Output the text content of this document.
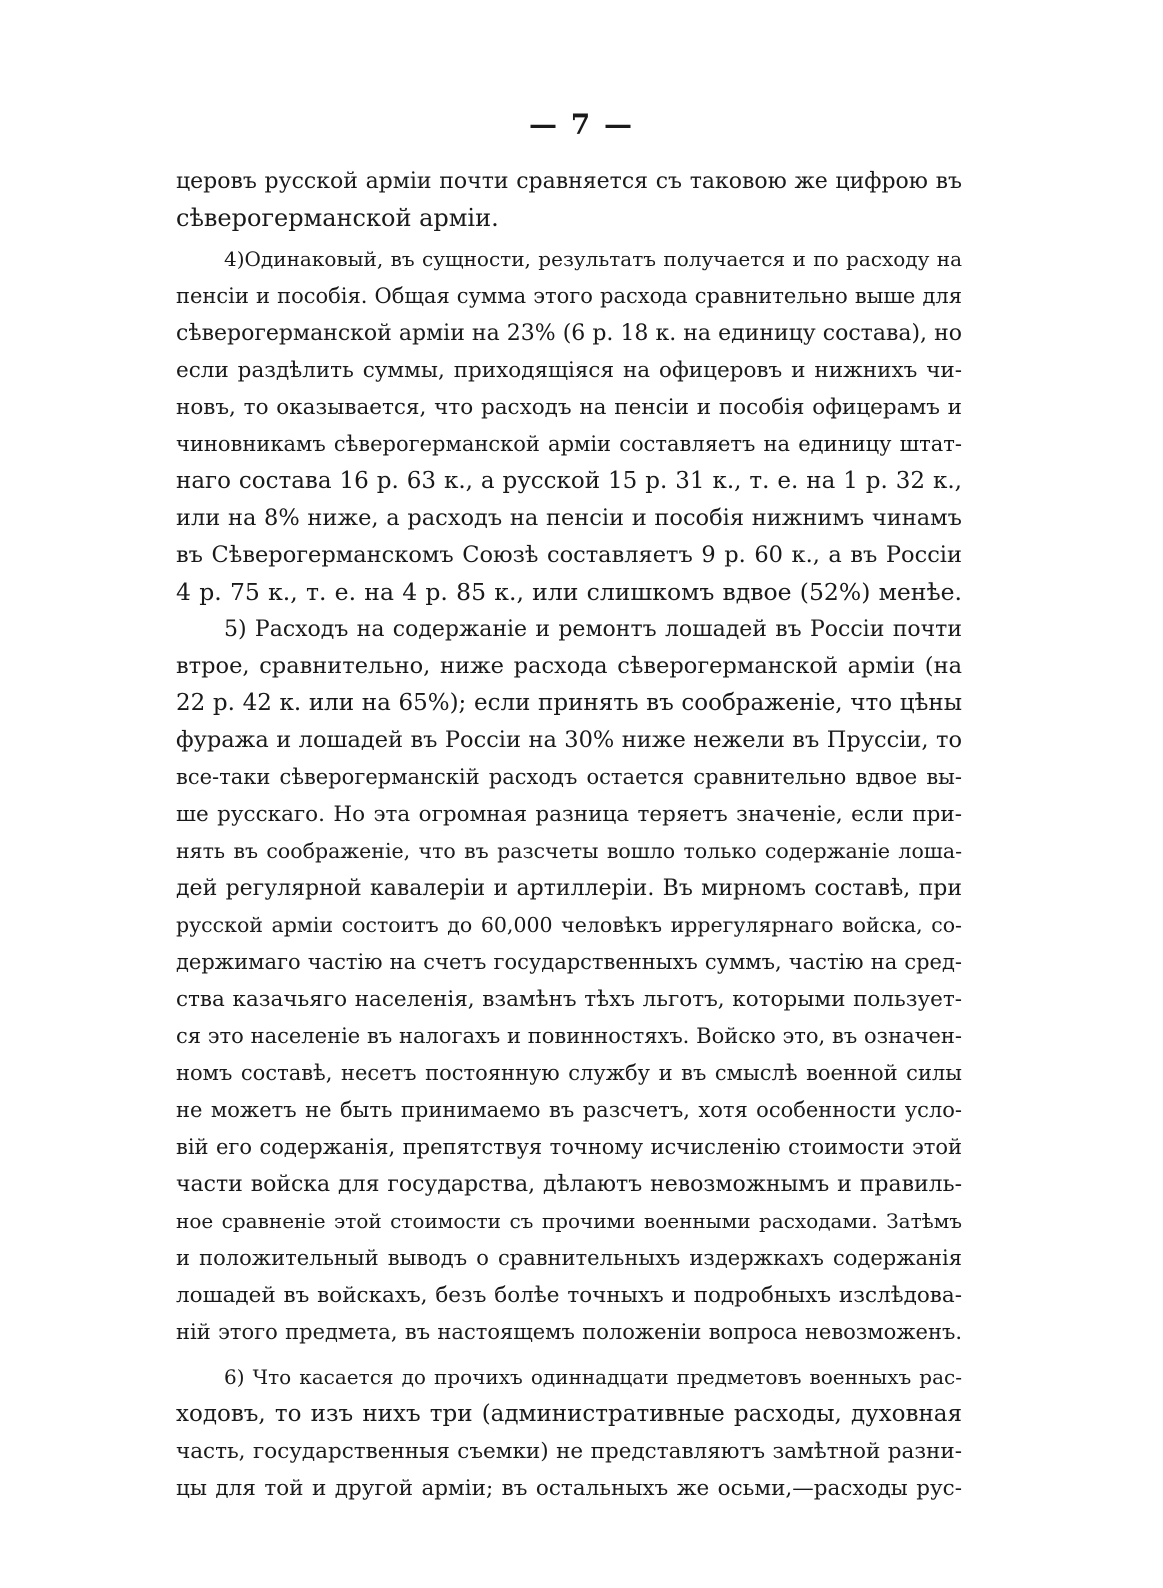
— 7 —
церовъ русской арміи почти сравняется съ таковою же цифрою въ
сѣверогерманской арміи.
4)Одинаковый, въ сущности, результатъ получается и по расходу на
пенсіи и пособія. Общая сумма этого расхода сравнительно выше для
сѣверогерманской арміи на 23% (6 р. 18 к. на единицу состава), но
если раздѣлить суммы, приходящіяся на офицеровъ и нижнихъ чи-
новъ, то оказывается, что расходъ на пенсіи и пособія офицерамъ и
чиновникамъ сѣверогерманской арміи составляетъ на единицу штат-
наго состава 16 р. 63 к., а русской 15 р. 31 к., т. е. на 1 р. 32 к.,
или на 8% ниже, а расходъ на пенсіи и пособія нижнимъ чинамъ
въ Сѣверогерманскомъ Союзѣ составляетъ 9 р. 60 к., а въ Россіи
4 р. 75 к., т. е. на 4 р. 85 к., или слишкомъ вдвое (52%) менѣе.
5) Расходъ на содержаніе и ремонтъ лошадей въ Россіи почти
втрое, сравнительно, ниже расхода сѣверогерманской арміи (на
22 р. 42 к. или на 65%); если принять въ соображеніе, что цѣны
фуража и лошадей въ Россіи на 30% ниже нежели въ Пруссіи, то
все-таки сѣверогерманскій расходъ остается сравнительно вдвое вы-
ше русскаго. Но эта огромная разница теряетъ значеніе, если при-
нять въ соображеніе, что въ разсчеты вошло только содержаніе лоша-
дей регулярной кавалеріи и артиллеріи. Въ мирномъ составѣ, при
русской арміи состоитъ до 60,000 человѣкъ иррегулярнаго войска, со-
держимаго частію на счетъ государственныхъ суммъ, частію на сред-
ства казачьяго населенія, взамѣнъ тѣхъ льготъ, которыми пользует-
ся это населеніе въ налогахъ и повинностяхъ. Войско это, въ означен-
номъ составѣ, несетъ постоянную службу и въ смыслѣ военной силы
не можетъ не быть принимаемо въ разсчетъ, хотя особенности усло-
вій его содержанія, препятствуя точному исчисленію стоимости этой
части войска для государства, дѣлаютъ невозможнымъ и правиль-
ное сравненіе этой стоимости съ прочими военными расходами. Затѣмъ
и положительный выводъ о сравнительныхъ издержкахъ содержанія
лошадей въ войскахъ, безъ болѣе точныхъ и подробныхъ изслѣдова-
ній этого предмета, въ настоящемъ положеніи вопроса невозможенъ.
6) Что касается до прочихъ одиннадцати предметовъ военныхъ рас-
ходовъ, то изъ нихъ три (административные расходы, духовная
часть, государственныя съемки) не представляютъ замѣтной разни-
цы для той и другой арміи; въ остальныхъ же осьми,—расходы рус-
